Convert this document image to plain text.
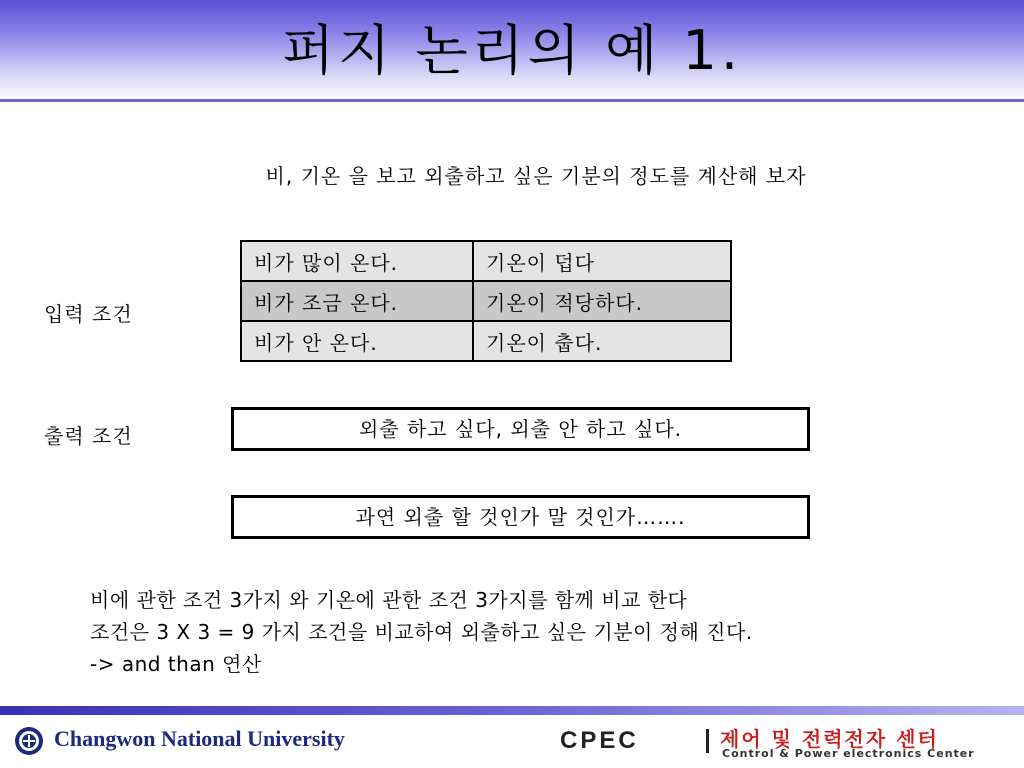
퍼지 논리의 예 1.
비, 기온 을 보고 외출하고 싶은 기분의 정도를 계산해 보자
입력 조건
비가 많이 온다.	기온이 덥다
비가 조금 온다.	기온이 적당하다.
비가 안 온다.	기온이 춥다.
출력 조건	외출 하고 싶다, 외출 안 하고 싶다.
과연 외출 할 것인가 말 것인가…….
비에 관한 조건 3가지 와 기온에 관한 조건 3가지를 함께 비교 한다
조건은 3 X 3 = 9 가지 조건을 비교하여 외출하고 싶은 기분이 정해 진다.
-> and than 연산
Changwon National University	CPEC	제어 및 전력전자 센터
Control & Power electronics Center
